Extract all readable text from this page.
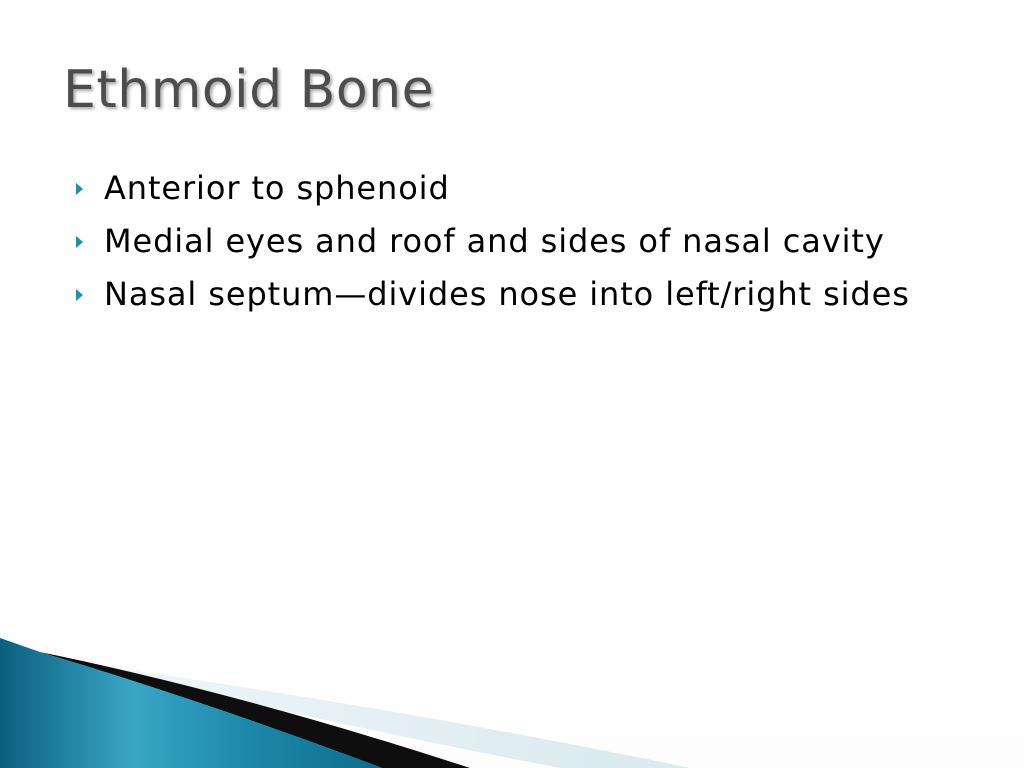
Ethmoid Bone
Anterior to sphenoid
Medial eyes and roof and sides of nasal cavity
Nasal septum—divides nose into left/right sides
